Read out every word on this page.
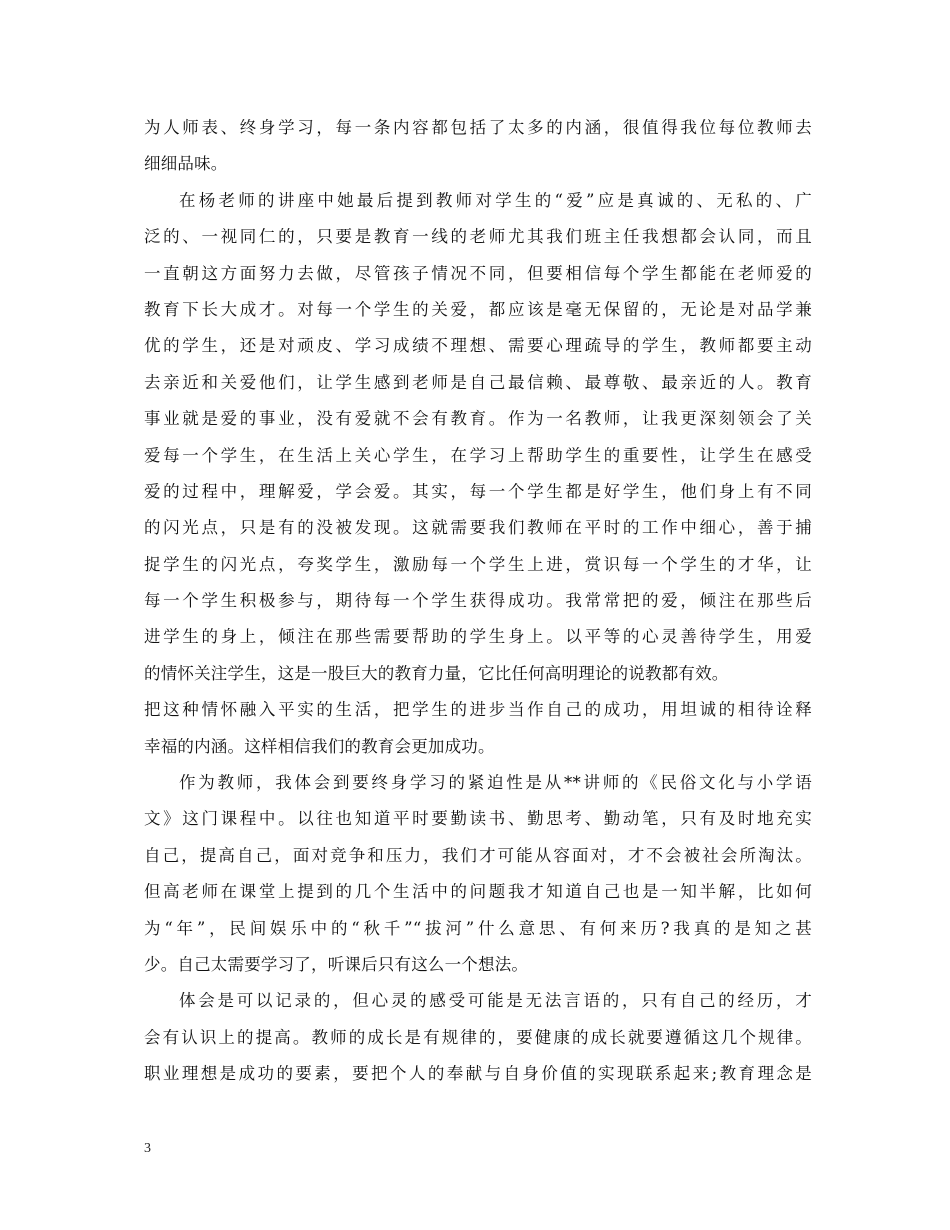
为人师表、终身学习，每一条内容都包括了太多的内涵，很值得我位每位教师去
细细品味。
在杨老师的讲座中她最后提到教师对学生的“爱”应是真诚的、无私的、广
泛的、一视同仁的，只要是教育一线的老师尤其我们班主任我想都会认同，而且
一直朝这方面努力去做，尽管孩子情况不同，但要相信每个学生都能在老师爱的
教育下长大成才。对每一个学生的关爱，都应该是毫无保留的，无论是对品学兼
优的学生，还是对顽皮、学习成绩不理想、需要心理疏导的学生，教师都要主动
去亲近和关爱他们，让学生感到老师是自己最信赖、最尊敬、最亲近的人。教育
事业就是爱的事业，没有爱就不会有教育。作为一名教师，让我更深刻领会了关
爱每一个学生，在生活上关心学生，在学习上帮助学生的重要性，让学生在感受
爱的过程中，理解爱，学会爱。其实，每一个学生都是好学生，他们身上有不同
的闪光点，只是有的没被发现。这就需要我们教师在平时的工作中细心，善于捕
捉学生的闪光点，夸奖学生，激励每一个学生上进，赏识每一个学生的才华，让
每一个学生积极参与，期待每一个学生获得成功。我常常把的爱，倾注在那些后
进学生的身上，倾注在那些需要帮助的学生身上。以平等的心灵善待学生，用爱
的情怀关注学生，这是一股巨大的教育力量，它比任何高明理论的说教都有效。
把这种情怀融入平实的生活，把学生的进步当作自己的成功，用坦诚的相待诠释
幸福的内涵。这样相信我们的教育会更加成功。
作为教师，我体会到要终身学习的紧迫性是从**讲师的《民俗文化与小学语
文》这门课程中。以往也知道平时要勤读书、勤思考、勤动笔，只有及时地充实
自己，提高自己，面对竞争和压力，我们才可能从容面对，才不会被社会所淘汰。
但高老师在课堂上提到的几个生活中的问题我才知道自己也是一知半解，比如何
为“年”，民间娱乐中的“秋千”“拔河”什么意思、有何来历?我真的是知之甚
少。自己太需要学习了，听课后只有这么一个想法。
体会是可以记录的，但心灵的感受可能是无法言语的，只有自己的经历，才
会有认识上的提高。教师的成长是有规律的，要健康的成长就要遵循这几个规律。
职业理想是成功的要素，要把个人的奉献与自身价值的实现联系起来;教育理念是
3
